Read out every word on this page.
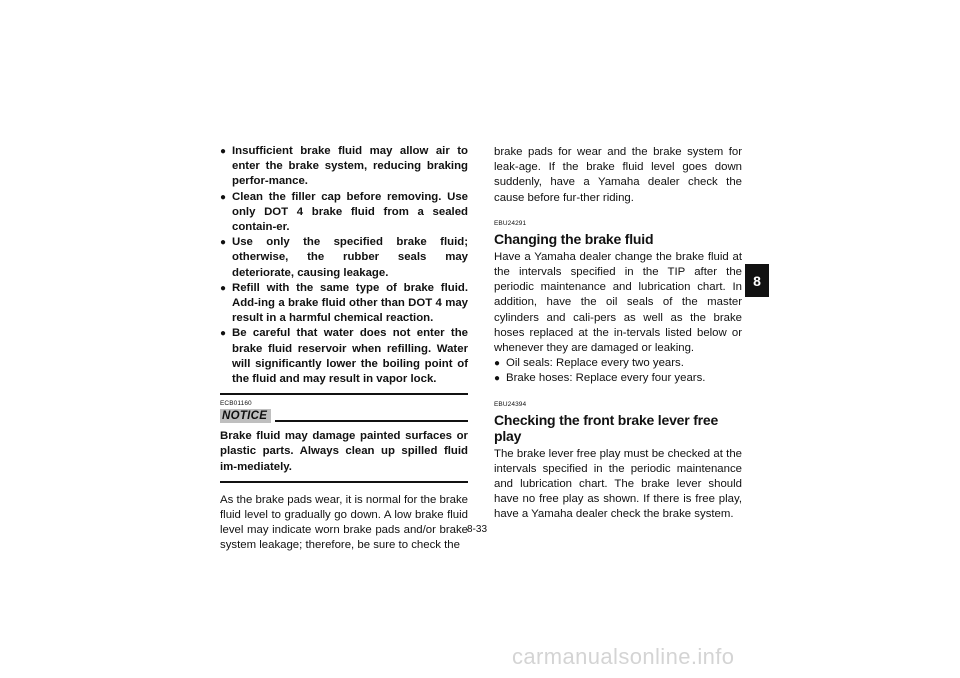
● Insufficient brake fluid may allow air to enter the brake system, reducing braking perfor-mance.
● Clean the filler cap before removing. Use only DOT 4 brake fluid from a sealed contain-er.
● Use only the specified brake fluid; otherwise, the rubber seals may deteriorate, causing leakage.
● Refill with the same type of brake fluid. Add-ing a brake fluid other than DOT 4 may result in a harmful chemical reaction.
● Be careful that water does not enter the brake fluid reservoir when refilling. Water will significantly lower the boiling point of the fluid and may result in vapor lock.
ECB01160
NOTICE
Brake fluid may damage painted surfaces or plastic parts. Always clean up spilled fluid im-mediately.

As the brake pads wear, it is normal for the brake fluid level to gradually go down. A low brake fluid level may indicate worn brake pads and/or brake system leakage; therefore, be sure to check the

brake pads for wear and the brake system for leak-age. If the brake fluid level goes down suddenly, have a Yamaha dealer check the cause before fur-ther riding.

EBU24291
Changing the brake fluid

Have a Yamaha dealer change the brake fluid at the intervals specified in the TIP after the periodic maintenance and lubrication chart. In addition, have the oil seals of the master cylinders and cali-pers as well as the brake hoses replaced at the in-tervals listed below or whenever they are damaged or leaking.

● Oil seals: Replace every two years.
● Brake hoses: Replace every four years.
EBU24394
Checking the front brake lever free play

The brake lever free play must be checked at the intervals specified in the periodic maintenance and lubrication chart. The brake lever should have no free play as shown. If there is free play, have a Yamaha dealer check the brake system.

8-33
8
carmanualsonline.info
